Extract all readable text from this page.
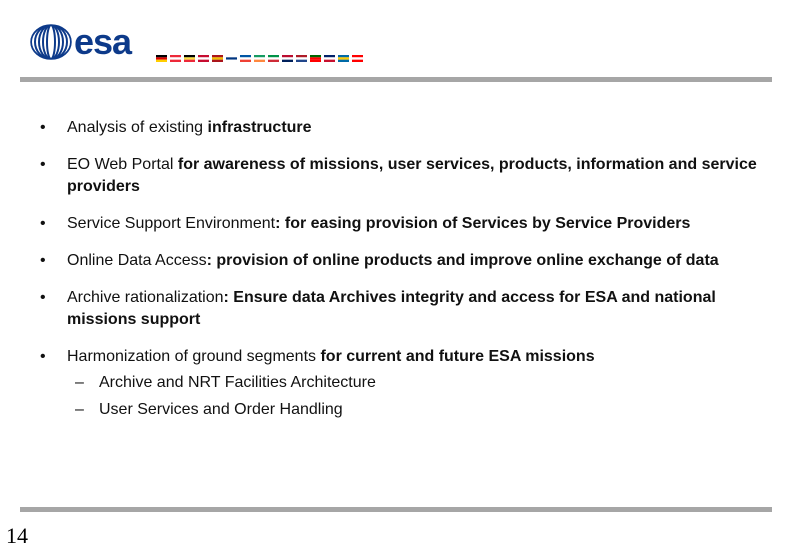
esa
• Analysis of existing infrastructure
• EO Web Portal for awareness of missions, user services, products, information and service providers
• Service Support Environment: for easing provision of Services by Service Providers
• Online Data Access: provision of online products and improve online exchange of data
• Archive rationalization: Ensure data Archives integrity and access for ESA and national missions support
• Harmonization of ground segments for current and future ESA missions
– Archive and NRT Facilities Architecture
– User Services and Order Handling
14
